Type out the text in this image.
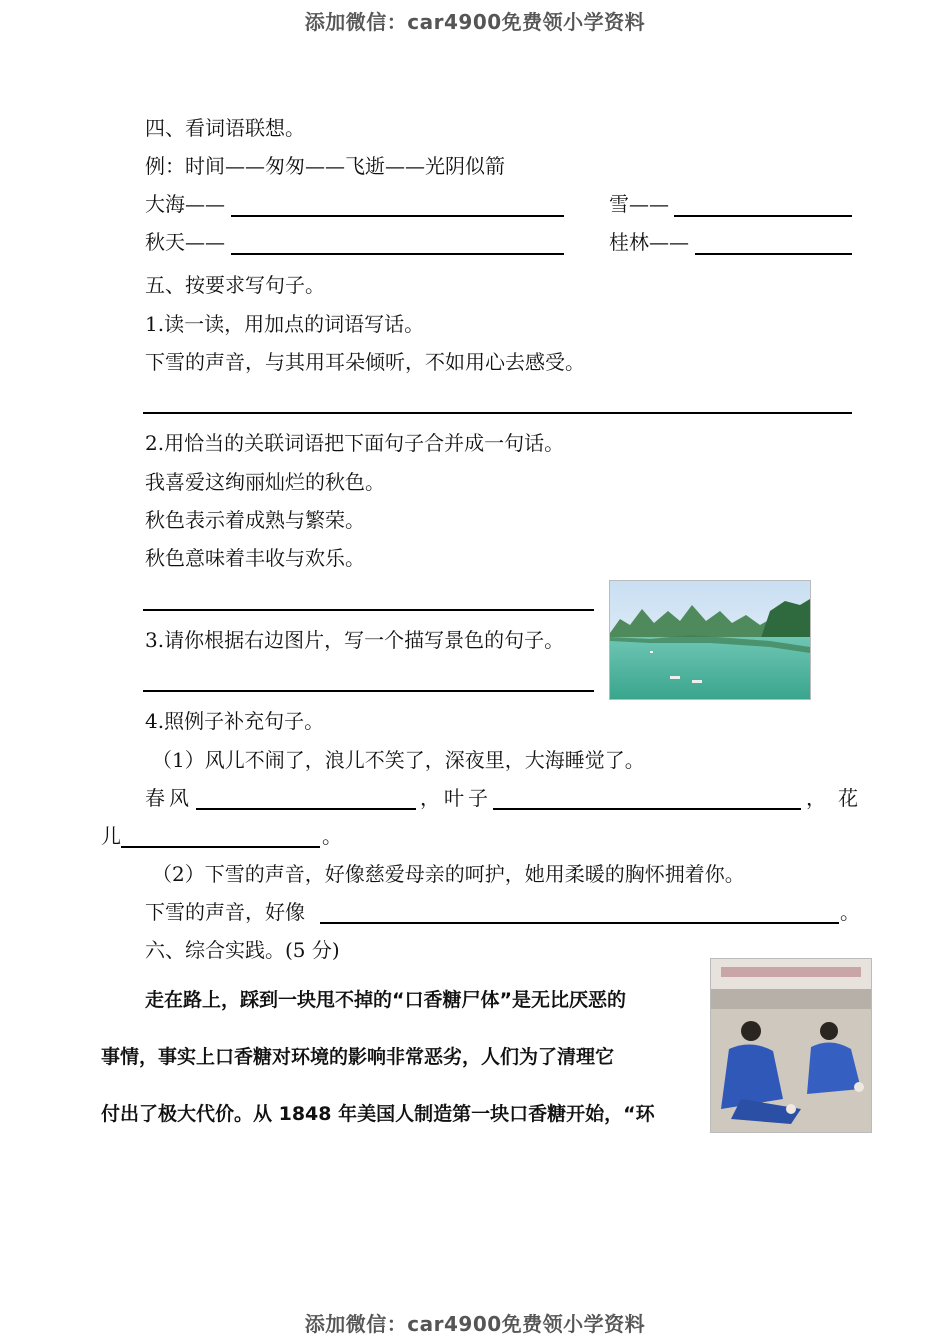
添加微信：car4900免费领小学资料

四、看词语联想。
例：时间——匆匆——飞逝——光阴似箭
大海——	雪——
秋天——	桂林——
五、按要求写句子。
1.读一读，用加点的词语写话。
下雪的声音，与其用耳朵倾听，不如用心去感受。
2.用恰当的关联词语把下面句子合并成一句话。
我喜爱这绚丽灿烂的秋色。
秋色表示着成熟与繁荣。
秋色意味着丰收与欢乐。
3.请你根据右边图片，写一个描写景色的句子。
4.照例子补充句子。
（1）风儿不闹了，浪儿不笑了，深夜里，大海睡觉了。
春风	，叶子	，花
儿	。
（2）下雪的声音，好像慈爱母亲的呵护，她用柔暖的胸怀拥着你。
下雪的声音，好像	。
六、综合实践。(5 分)
走在路上，踩到一块甩不掉的“口香糖尸体”是无比厌恶的
事情，事实上口香糖对环境的影响非常恶劣，人们为了清理它
付出了极大代价。从 1848 年美国人制造第一块口香糖开始，“环
添加微信：car4900免费领小学资料
